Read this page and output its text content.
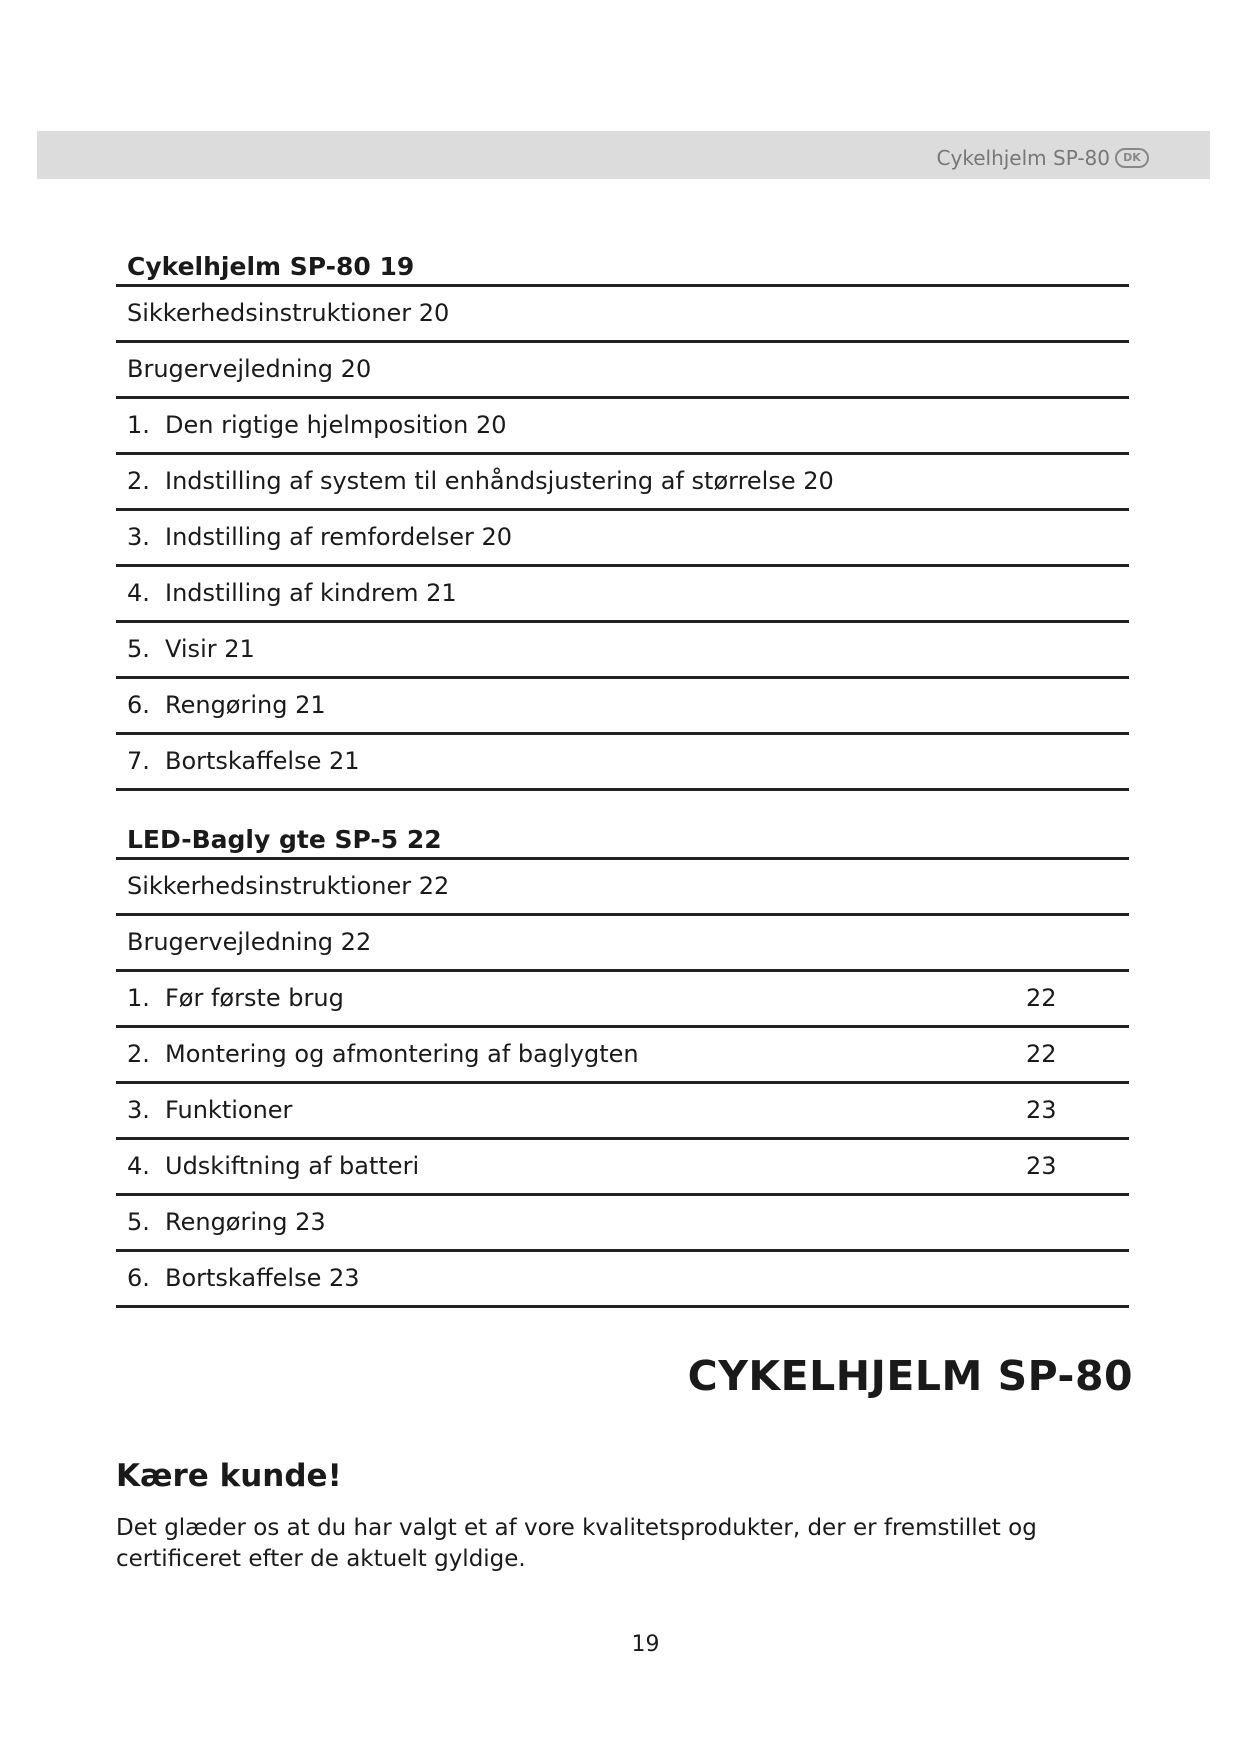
Cykelhjelm SP-80	DK
Cykelhjelm SP-80 19
Sikkerhedsinstruktioner 20
Brugervejledning 20
1. Den rigtige hjelmposition 20
2. Indstilling af system til enhåndsjustering af størrelse 20
3. Indstilling af remfordelser 20
4. Indstilling af kindrem 21
5. Visir 21
6. Rengøring 21
7. Bortskaffelse 21
LED-Bagly gte SP-5 22
Sikkerhedsinstruktioner 22
Brugervejledning 22
1. Før første brug	22
2. Montering og afmontering af baglygten	22
3. Funktioner	23
4. Udskiftning af batteri	23
5. Rengøring 23
6. Bortskaffelse 23
CYKELHJELM SP-80
Kære kunde!
Det glæder os at du har valgt et af vore kvalitetsprodukter, der er fremstillet og certificeret efter de aktuelt gyldige.
19
